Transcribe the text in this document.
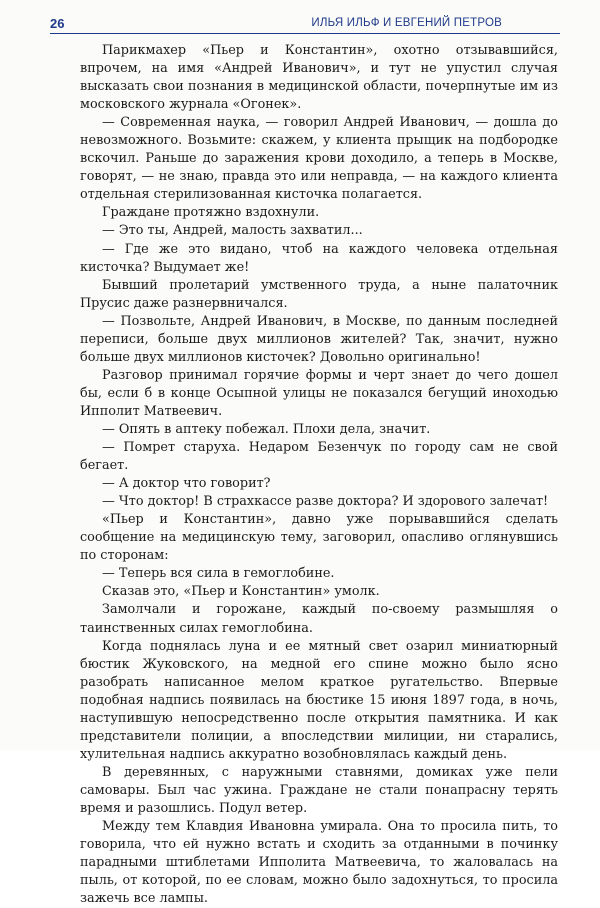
26	ИЛЬЯ ИЛЬФ И ЕВГЕНИЙ ПЕТРОВ

Парикмахер «Пьер и Константин», охотно отзывавшийся, впрочем, на имя «Андрей Иванович», и тут не упустил случая высказать свои познания в медицинской области, почерпнутые им из московского журнала «Огонек».

— Современная наука, — говорил Андрей Иванович, — дошла до невозможного. Возьмите: скажем, у клиента прыщик на подбородке вскочил. Раньше до заражения крови доходило, а теперь в Москве, говорят, — не знаю, правда это или неправда, — на каждого клиента отдельная стерилизованная кисточка полагается.

Граждане протяжно вздохнули.

— Это ты, Андрей, малость захватил...

— Где же это видано, чтоб на каждого человека отдельная кисточка? Выдумает же!

Бывший пролетарий умственного труда, а ныне палаточник Прусис даже разнервничался.

— Позвольте, Андрей Иванович, в Москве, по данным последней переписи, больше двух миллионов жителей? Так, значит, нужно больше двух миллионов кисточек? Довольно оригинально!

Разговор принимал горячие формы и черт знает до чего дошел бы, если б в конце Осыпной улицы не показался бегущий иноходью Ипполит Матвеевич.

— Опять в аптеку побежал. Плохи дела, значит.

— Помрет старуха. Недаром Безенчук по городу сам не свой бегает.

— А доктор что говорит?

— Что доктор! В страхкассе разве доктора? И здорового залечат!

«Пьер и Константин», давно уже порывавшийся сделать сообщение на медицинскую тему, заговорил, опасливо оглянувшись по сторонам:

— Теперь вся сила в гемоглобине.

Сказав это, «Пьер и Константин» умолк.

Замолчали и горожане, каждый по-своему размышляя о таинственных силах гемоглобина.

Когда поднялась луна и ее мятный свет озарил миниатюрный бюстик Жуковского, на медной его спине можно было ясно разобрать написанное мелом краткое ругательство. Впервые подобная надпись появилась на бюстике 15 июня 1897 года, в ночь, наступившую непосредственно после открытия памятника. И как представители полиции, а впоследствии милиции, ни старались, хулительная надпись аккуратно возобновлялась каждый день.

В деревянных, с наружными ставнями, домиках уже пели самовары. Был час ужина. Граждане не стали понапрасну терять время и разошлись. Подул ветер.

Между тем Клавдия Ивановна умирала. Она то просила пить, то говорила, что ей нужно встать и сходить за отданными в починку парадными штиблетами Ипполита Матвеевича, то жаловалась на пыль, от которой, по ее словам, можно было задохнуться, то просила зажечь все лампы.
